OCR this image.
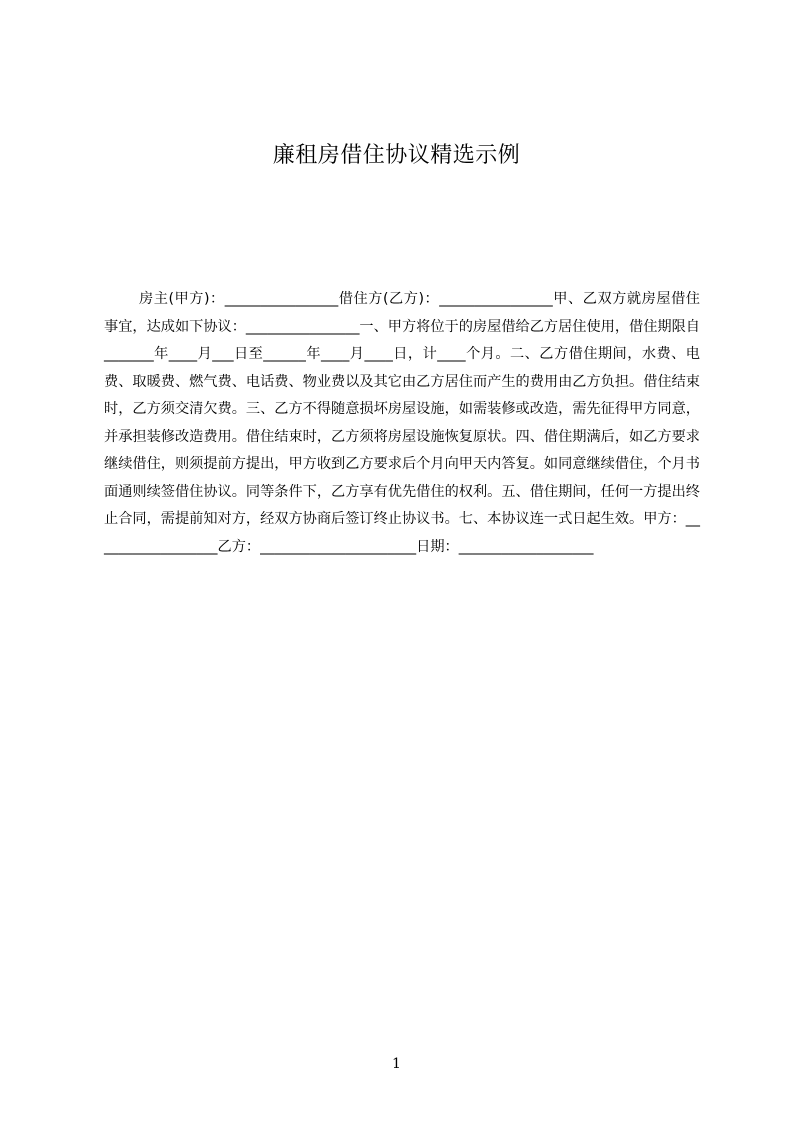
廉租房借住协议精选示例

房主(甲方)：________________借住方(乙方)：________________甲、乙双方就房屋借住事宜，达成如下协议：________________一、甲方将位于的房屋借给乙方居住使用，借住期限自_______年____月___日至______年____月____日，计____个月。二、乙方借住期间，水费、电费、取暖费、燃气费、电话费、物业费以及其它由乙方居住而产生的费用由乙方负担。借住结束时，乙方须交清欠费。三、乙方不得随意损坏房屋设施，如需装修或改造，需先征得甲方同意，并承担装修改造费用。借住结束时，乙方须将房屋设施恢复原状。四、借住期满后，如乙方要求继续借住，则须提前方提出，甲方收到乙方要求后个月向甲天内答复。如同意继续借住，个月书面通则续签借住协议。同等条件下，乙方享有优先借住的权利。五、借住期间，任何一方提出终止合同，需提前知对方，经双方协商后签订终止协议书。七、本协议连一式日起生效。甲方：__________________乙方：______________________日期：___________________

1
